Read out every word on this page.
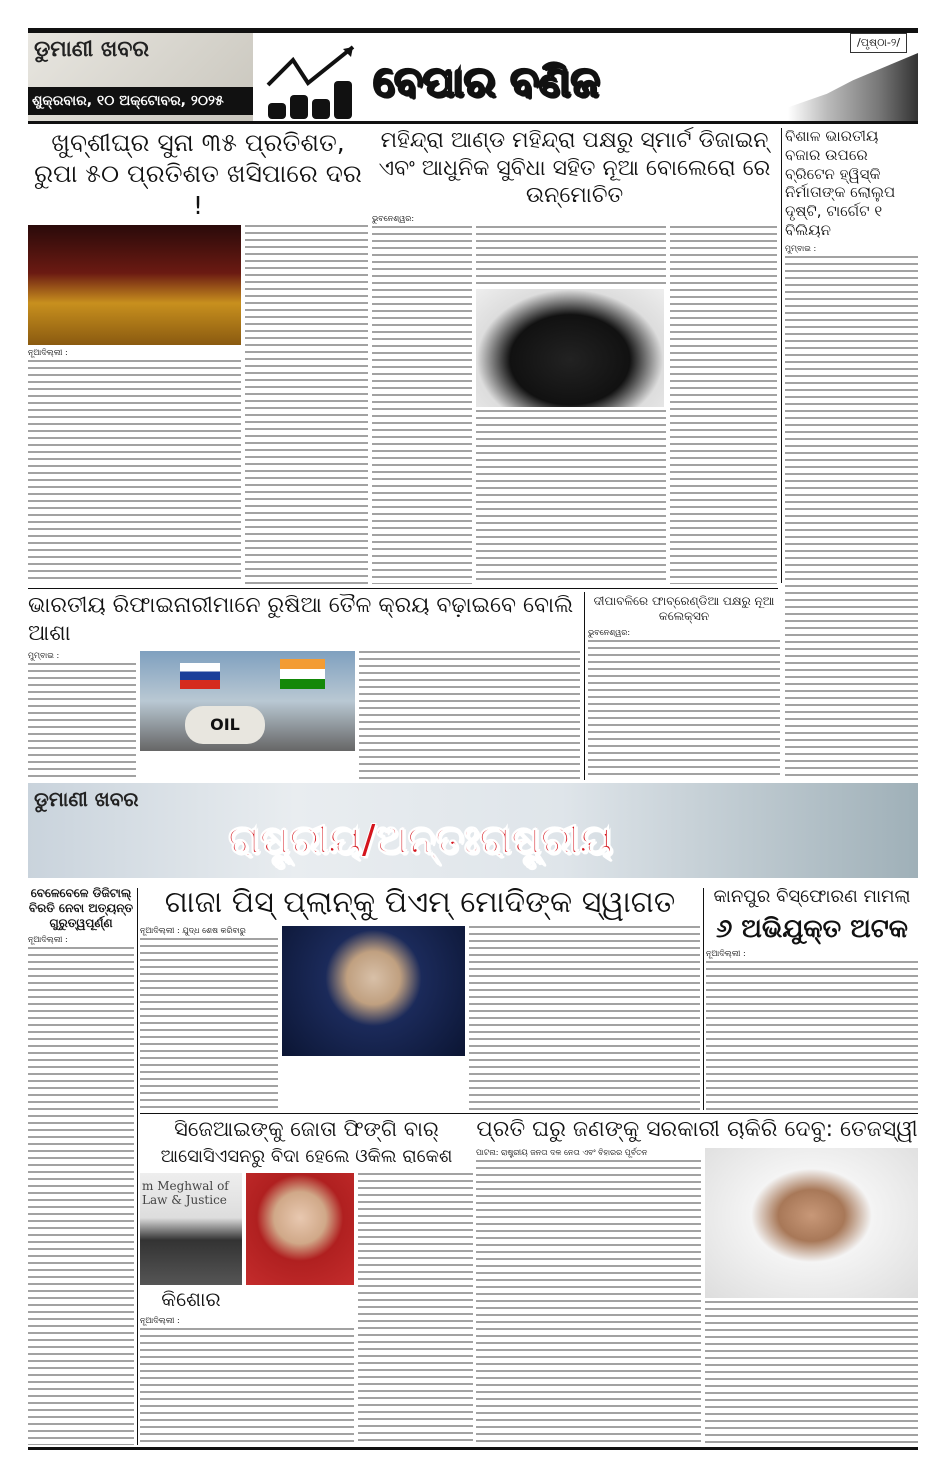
ଡୁମାଣୀ ଖବର
ଶୁକ୍ରବାର, ୧୦ ଅକ୍ଟୋବର, ୨୦୨୫	ବେପାର ବଣିଜ
/ପୃଷ୍ଠା-୨/
ଖୁବ୍‌ଶୀଘ୍ର ସୁନା ୩୫ ପ୍ରତିଶତ, ରୁପା ୫୦ ପ୍ରତିଶତ ଖସିପାରେ ଦର !
ନୂଆଦିଲ୍ଲୀ :
ମହିନ୍ଦ୍ରା ଆଣ୍ଡ ମହିନ୍ଦ୍ରା ପକ୍ଷରୁ ସ୍ମାର୍ଟ ଡିଜାଇନ୍ ଏବଂ ଆଧୁନିକ ସୁବିଧା ସହିତ ନୂଆ ବୋଲେରୋ ରେ ଉନ୍ମୋଚିତ
ଭୁବନେଶ୍ୱର:
ବିଶାଳ ଭାରତୀୟ ବଜାର ଉପରେ ବ୍ରିଟେନ ହ୍ୱିସ୍କି ନିର୍ମାତାଙ୍କ ଲୋଲୁପ ଦୃଷ୍ଟି, ଟାର୍ଗେଟ ୧ ବିଲିୟନ
ମୁମ୍ବାଇ :
ଭାରତୀୟ ରିଫାଇନାରୀମାନେ ରୁଷିଆ ତୈଳ କ୍ରୟ ବଢ଼ାଇବେ ବୋଲି ଆଶା
ମୁମ୍ବାଇ :
OIL
ଦୀପାବଳିରେ ଫାବ୍ରେଣ୍ଡିଆ ପକ୍ଷରୁ ନୂଆ କଲେକ୍ସନ
ଭୁବନେଶ୍ୱର:
ଡୁମାଣୀ ଖବର
ରାଷ୍ଟ୍ରୀୟ/ଅନ୍ତଃରାଷ୍ଟ୍ରୀୟ
ବେଳେବେଳେ ଡିଜିଟାଲ୍ ବିରତି ନେବା ଅତ୍ୟନ୍ତ ଗୁରୁତ୍ୱପୂର୍ଣ୍ଣ
ନୂଆଦିଲ୍ଲୀ :
ଗାଜା ପିସ୍ ପ୍ଲାନ୍‌କୁ ପିଏମ୍ ମୋଦିଙ୍କ ସ୍ୱାଗତ
ନୂଆଦିଲ୍ଲୀ : ଯୁଦ୍ଧ ଶେଷ କରିବାରୁ
କାନପୁର ବିସ୍ଫୋରଣ ମାମଲା
୬ ଅଭିଯୁକ୍ତ ଅଟକ
ନୂଆଦିଲ୍ଲୀ :
ସିଜେଆଇଙ୍କୁ ଜୋତା ଫିଙ୍ଗି ବାର୍
ଆସୋସିଏସନରୁ ବିଦା ହେଲେ ଓକିଲ ରାକେଶ
m Meghwal of Law & Justice
କିଶୋର
ନୂଆଦିଲ୍ଲୀ :
ପ୍ରତି ଘରୁ ଜଣଙ୍କୁ ସରକାରୀ ଚାକିରି ଦେବୁ: ତେଜସ୍ୱୀ
ପାଟନା: ରାଷ୍ଟ୍ରୀୟ ଜନତା ଦଳ ନେତା ଏବଂ ବିହାରର ପୂର୍ବତନ
